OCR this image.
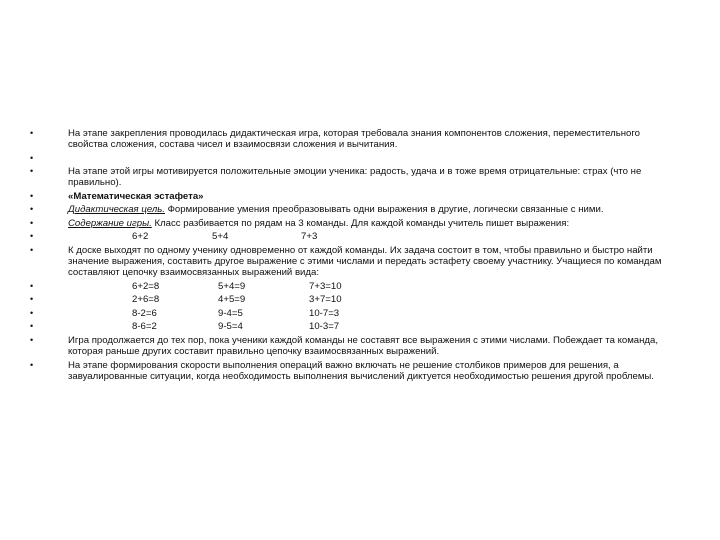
•	На этапе закрепления проводилась дидактическая игра, которая требовала знания компонентов сложения, переместительного свойства сложения, состава чисел и взаимосвязи сложения и вычитания.
•
•	На этапе этой игры мотивируется положительные эмоции ученика: радость, удача и в тоже время отрицательные: страх (что не правильно).
•	«Математическая эстафета»
•	Дидактическая цель. Формирование умения преобразовывать одни выражения в другие, логически связанные с ними.
•	Содержание игры. Класс разбивается по рядам на 3 команды. Для каждой команды учитель пишет выражения:
•	6+2	5+4	7+3
•	К доске выходят по одному ученику одновременно от каждой команды. Их задача состоит в том, чтобы правильно и быстро найти значение выражения, составить другое выражение с этими числами и передать эстафету своему участнику. Учащиеся по командам составляют цепочку взаимосвязанных выражений вида:
•	6+2=8	5+4=9	7+3=10
•	2+6=8	4+5=9	3+7=10
•	8-2=6	9-4=5	10-7=3
•	8-6=2	9-5=4	10-3=7
•	Игра продолжается до тех пор, пока ученики каждой команды не составят все выражения с этими числами. Побеждает та команда, которая раньше других составит правильно цепочку взаимосвязанных выражений.
•	На этапе формирования скорости выполнения операций важно включать не решение столбиков примеров для решения, а завуалированные ситуации, когда необходимость выполнения вычислений диктуется необходимостью решения другой проблемы.
